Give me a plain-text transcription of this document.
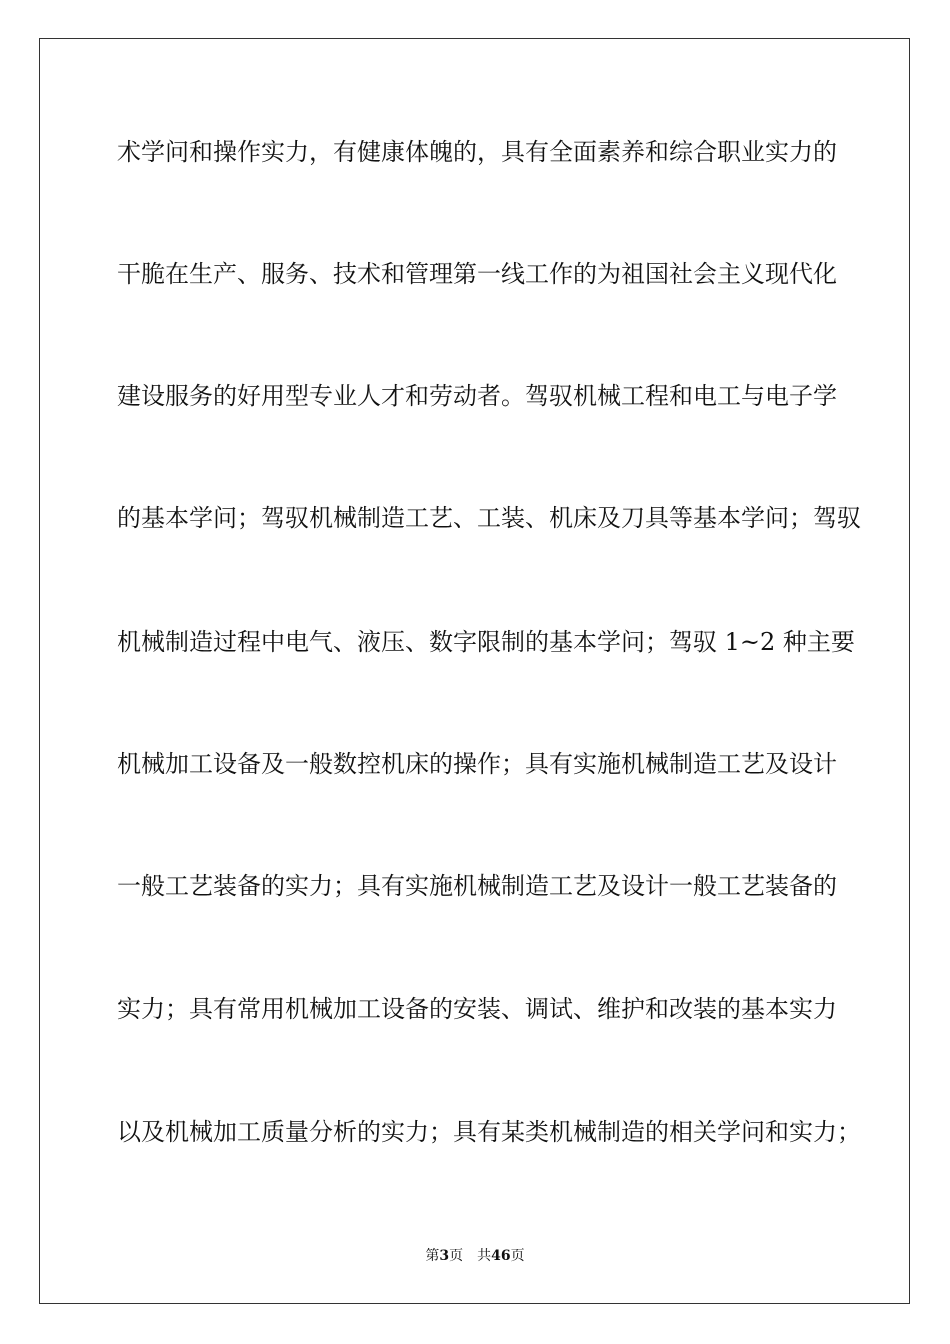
术学问和操作实力，有健康体魄的，具有全面素养和综合职业实力的
干脆在生产、服务、技术和管理第一线工作的为祖国社会主义现代化
建设服务的好用型专业人才和劳动者。驾驭机械工程和电工与电子学
的基本学问；驾驭机械制造工艺、工装、机床及刀具等基本学问；驾驭
机械制造过程中电气、液压、数字限制的基本学问；驾驭 1~2 种主要
机械加工设备及一般数控机床的操作；具有实施机械制造工艺及设计
一般工艺装备的实力；具有实施机械制造工艺及设计一般工艺装备的
实力；具有常用机械加工设备的安装、调试、维护和改装的基本实力
以及机械加工质量分析的实力；具有某类机械制造的相关学问和实力；
第3页 共46页
